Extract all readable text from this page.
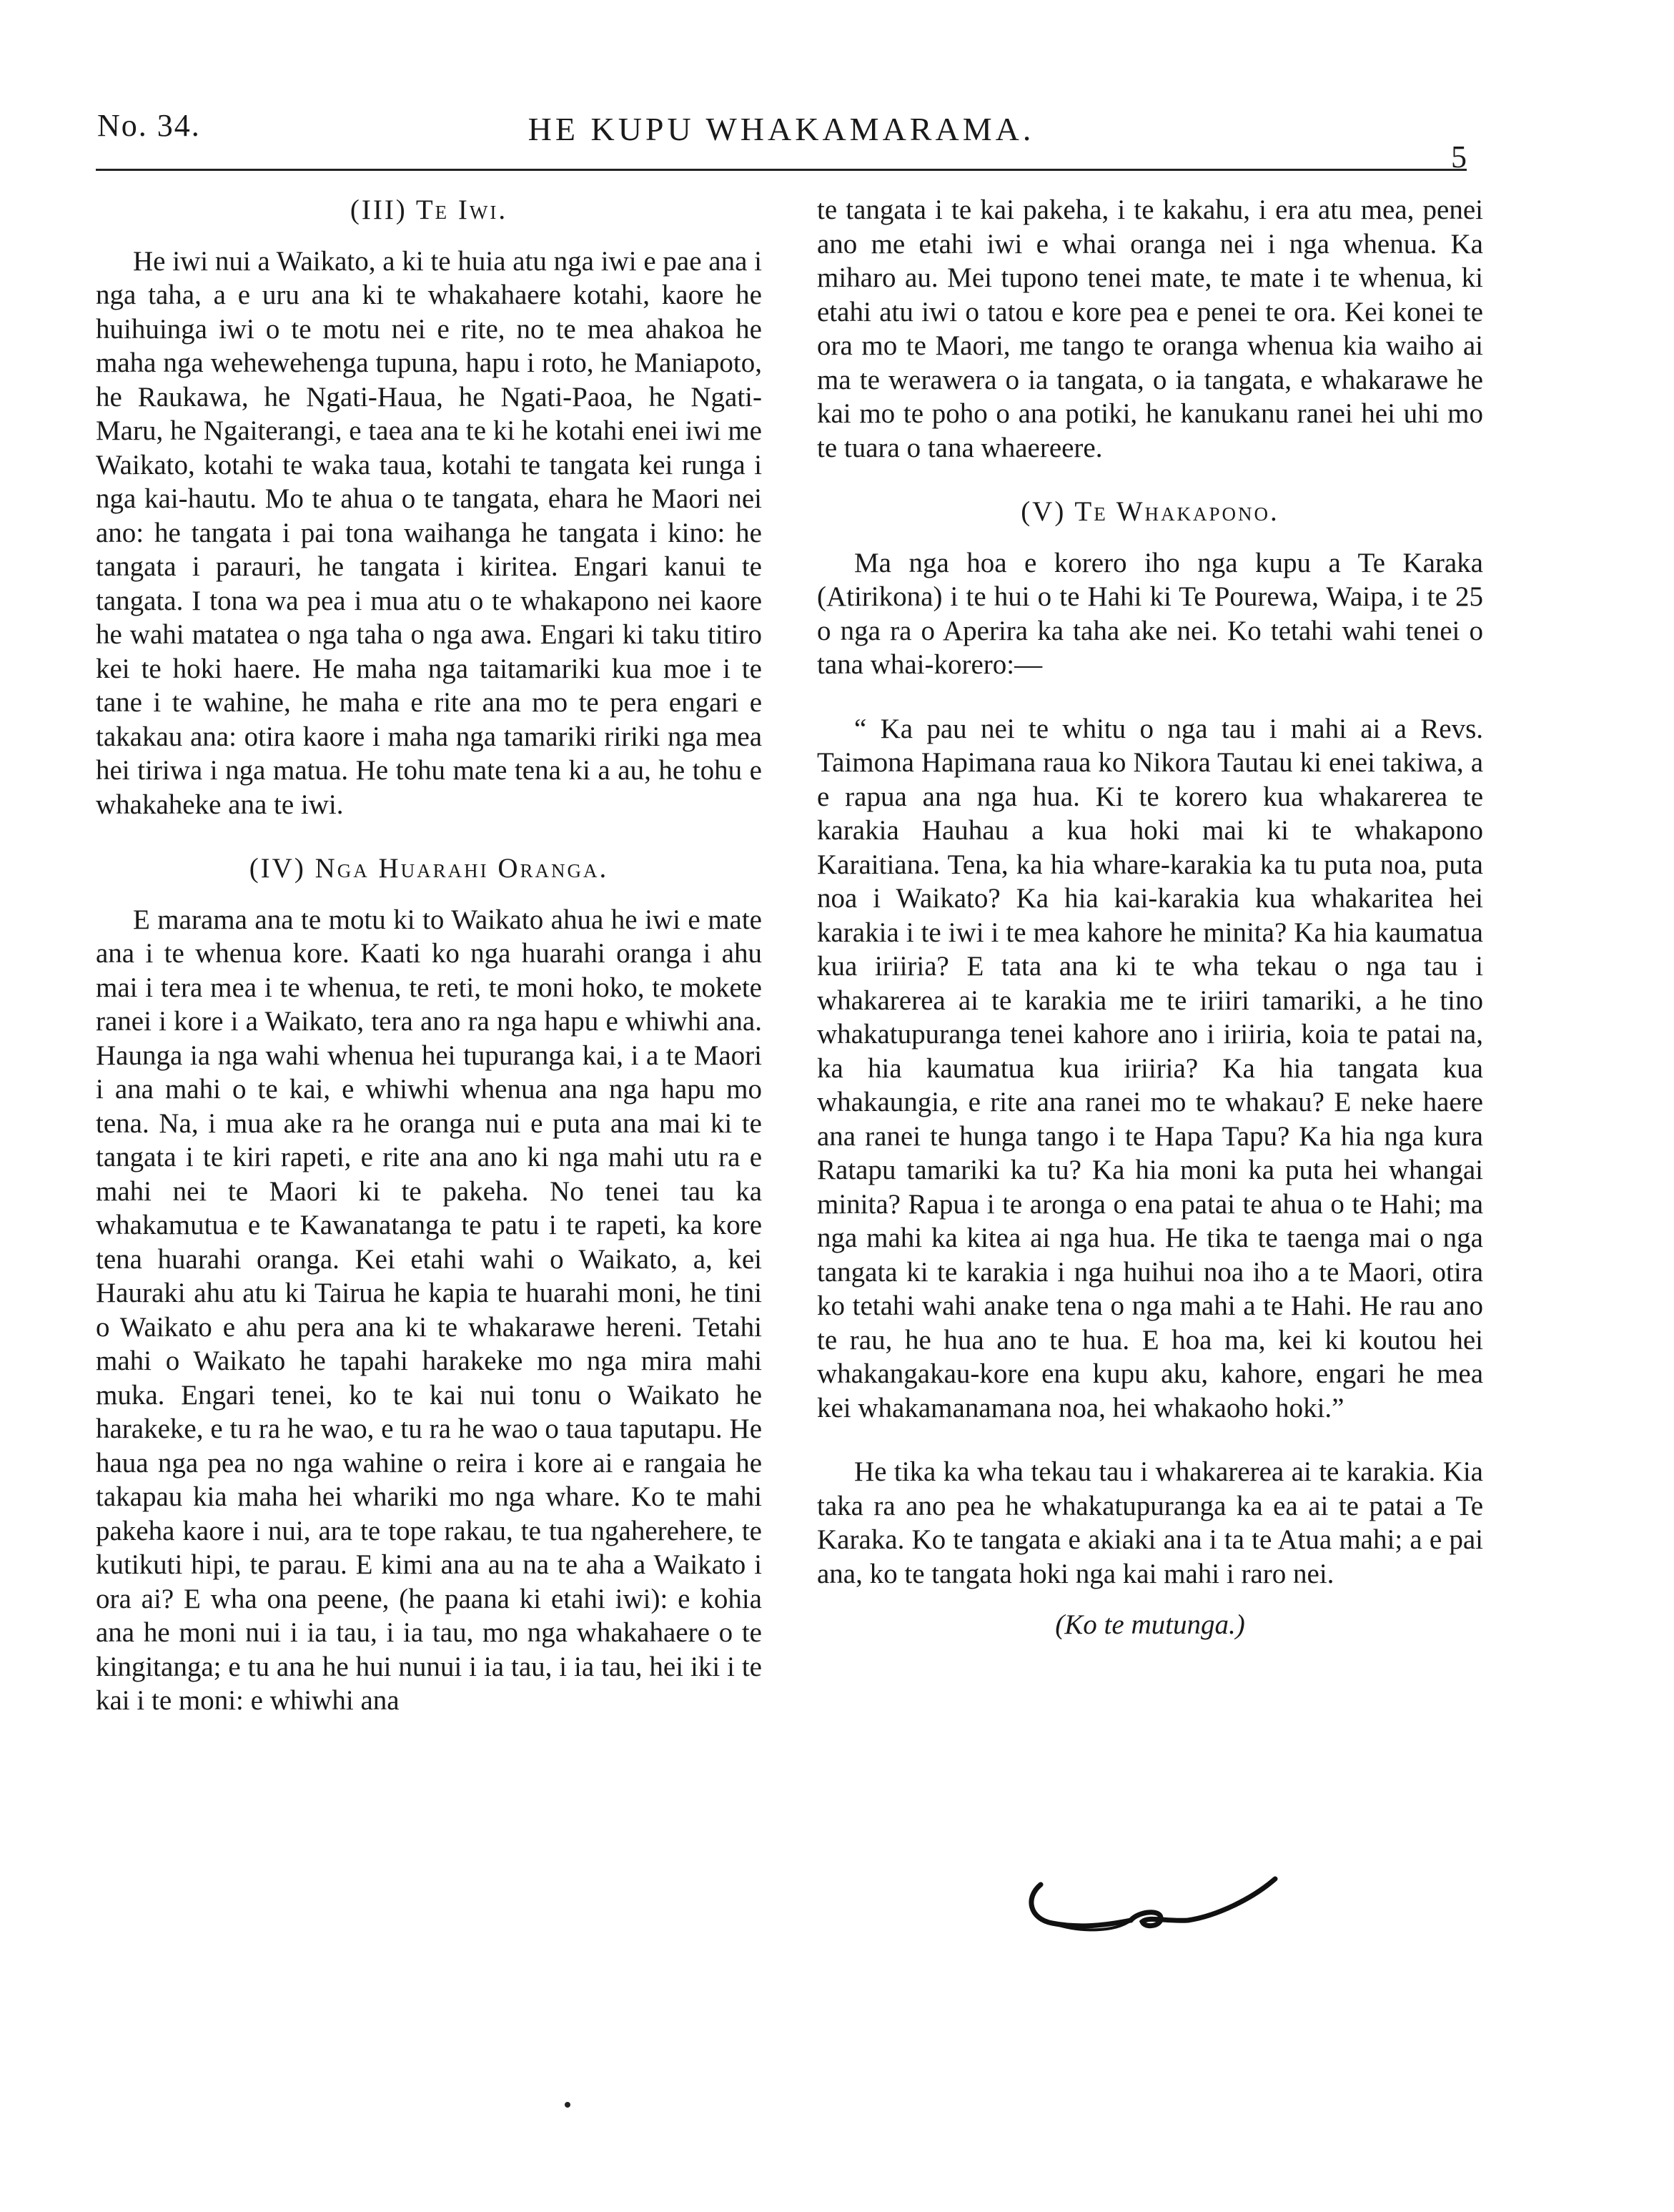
No. 34.	HE KUPU WHAKAMARAMA.
5
(III) Te Iwi.

He iwi nui a Waikato, a ki te huia atu nga iwi e pae ana i nga taha, a e uru ana ki te whakahaere kotahi, kaore he huihuinga iwi o te motu nei e rite, no te mea ahakoa he maha nga wehewehenga tupuna, hapu i roto, he Maniapoto, he Raukawa, he Ngati-Haua, he Ngati-Paoa, he Ngati-Maru, he Ngaiterangi, e taea ana te ki he kotahi enei iwi me Waikato, kotahi te waka taua, kotahi te tangata kei runga i nga kai-hautu. Mo te ahua o te tangata, ehara he Maori nei ano: he tangata i pai tona waihanga he tangata i kino: he tangata i parauri, he tangata i kiritea. Engari kanui te tangata. I tona wa pea i mua atu o te whakapono nei kaore he wahi matatea o nga taha o nga awa. Engari ki taku titiro kei te hoki haere. He maha nga taitamariki kua moe i te tane i te wahine, he maha e rite ana mo te pera engari e takakau ana: otira kaore i maha nga tamariki ririki nga mea hei tiriwa i nga matua. He tohu mate tena ki a au, he tohu e whakaheke ana te iwi.

(IV) Nga Huarahi Oranga.

E marama ana te motu ki to Waikato ahua he iwi e mate ana i te whenua kore. Kaati ko nga huarahi oranga i ahu mai i tera mea i te whenua, te reti, te moni hoko, te mokete ranei i kore i a Waikato, tera ano ra nga hapu e whiwhi ana. Haunga ia nga wahi whenua hei tupuranga kai, i a te Maori i ana mahi o te kai, e whiwhi whenua ana nga hapu mo tena. Na, i mua ake ra he oranga nui e puta ana mai ki te tangata i te kiri rapeti, e rite ana ano ki nga mahi utu ra e mahi nei te Maori ki te pakeha. No tenei tau ka whakamutua e te Kawanatanga te patu i te rapeti, ka kore tena huarahi oranga. Kei etahi wahi o Waikato, a, kei Hauraki ahu atu ki Tairua he kapia te huarahi moni, he tini o Waikato e ahu pera ana ki te whakarawe hereni. Tetahi mahi o Waikato he tapahi harakeke mo nga mira mahi muka. Engari tenei, ko te kai nui tonu o Waikato he harakeke, e tu ra he wao, e tu ra he wao o taua taputapu. He haua nga pea no nga wahine o reira i kore ai e rangaia he takapau kia maha hei whariki mo nga whare. Ko te mahi pakeha kaore i nui, ara te tope rakau, te tua ngaherehere, te kutikuti hipi, te parau. E kimi ana au na te aha a Waikato i ora ai? E wha ona peene, (he paana ki etahi iwi): e kohia ana he moni nui i ia tau, i ia tau, mo nga whakahaere o te kingitanga; e tu ana he hui nunui i ia tau, i ia tau, hei iki i te kai i te moni: e whiwhi ana

te tangata i te kai pakeha, i te kakahu, i era atu mea, penei ano me etahi iwi e whai oranga nei i nga whenua. Ka miharo au. Mei tupono tenei mate, te mate i te whenua, ki etahi atu iwi o tatou e kore pea e penei te ora. Kei konei te ora mo te Maori, me tango te oranga whenua kia waiho ai ma te werawera o ia tangata, o ia tangata, e whakarawe he kai mo te poho o ana potiki, he kanukanu ranei hei uhi mo te tuara o tana whaereere.

(V) Te Whakapono.

Ma nga hoa e korero iho nga kupu a Te Karaka (Atirikona) i te hui o te Hahi ki Te Pourewa, Waipa, i te 25 o nga ra o Aperira ka taha ake nei. Ko tetahi wahi tenei o tana whai-korero:—

“ Ka pau nei te whitu o nga tau i mahi ai a Revs. Taimona Hapimana raua ko Nikora Tautau ki enei takiwa, a e rapua ana nga hua. Ki te korero kua whakarerea te karakia Hauhau a kua hoki mai ki te whakapono Karaitiana. Tena, ka hia whare-karakia ka tu puta noa, puta noa i Waikato? Ka hia kai-karakia kua whakaritea hei karakia i te iwi i te mea kahore he minita? Ka hia kaumatua kua iriiria? E tata ana ki te wha tekau o nga tau i whakarerea ai te karakia me te iriiri tamariki, a he tino whakatupuranga tenei kahore ano i iriiria, koia te patai na, ka hia kaumatua kua iriiria? Ka hia tangata kua whakaungia, e rite ana ranei mo te whakau? E neke haere ana ranei te hunga tango i te Hapa Tapu? Ka hia nga kura Ratapu tamariki ka tu? Ka hia moni ka puta hei whangai minita? Rapua i te aronga o ena patai te ahua o te Hahi; ma nga mahi ka kitea ai nga hua. He tika te taenga mai o nga tangata ki te karakia i nga huihui noa iho a te Maori, otira ko tetahi wahi anake tena o nga mahi a te Hahi. He rau ano te rau, he hua ano te hua. E hoa ma, kei ki koutou hei whakangakau-kore ena kupu aku, kahore, engari he mea kei whakamanamana noa, hei whakaoho hoki.”

He tika ka wha tekau tau i whakarerea ai te karakia. Kia taka ra ano pea he whakatupuranga ka ea ai te patai a Te Karaka. Ko te tangata e akiaki ana i ta te Atua mahi; a e pai ana, ko te tangata hoki nga kai mahi i raro nei.

(Ko te mutunga.)
